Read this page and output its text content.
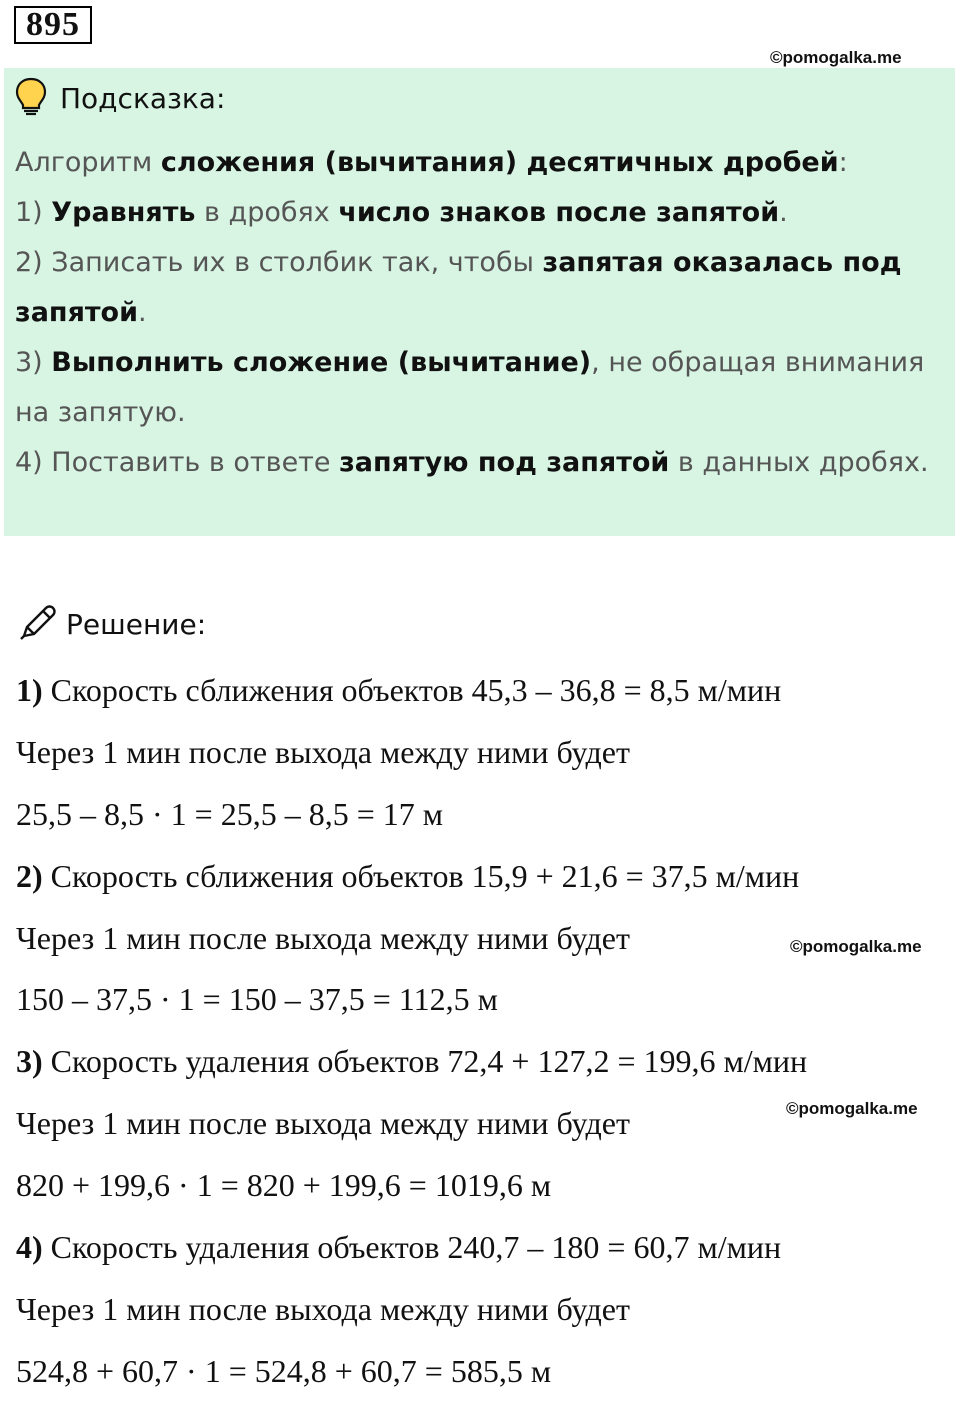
895
©pomogalka.me
Подсказка:
Алгоритм сложения (вычитания) десятичных дробей:
1) Уравнять в дробях число знаков после запятой.
2) Записать их в столбик так, чтобы запятая оказалась под
запятой.
3) Выполнить сложение (вычитание), не обращая внимания
на запятую.
4) Поставить в ответе запятую под запятой в данных дробях.
Решение:
1) Скорость сближения объектов 45,3 – 36,8 = 8,5 м/мин
Через 1 мин после выхода между ними будет
25,5 – 8,5 · 1 = 25,5 – 8,5 = 17 м
2) Скорость сближения объектов 15,9 + 21,6 = 37,5 м/мин
Через 1 мин после выхода между ними будет
150 – 37,5 · 1 = 150 – 37,5 = 112,5 м
3) Скорость удаления объектов 72,4 + 127,2 = 199,6 м/мин
Через 1 мин после выхода между ними будет
820 + 199,6 · 1 = 820 + 199,6 = 1019,6 м
4) Скорость удаления объектов 240,7 – 180 = 60,7 м/мин
Через 1 мин после выхода между ними будет
524,8 + 60,7 · 1 = 524,8 + 60,7 = 585,5 м
©pomogalka.me
©pomogalka.me
